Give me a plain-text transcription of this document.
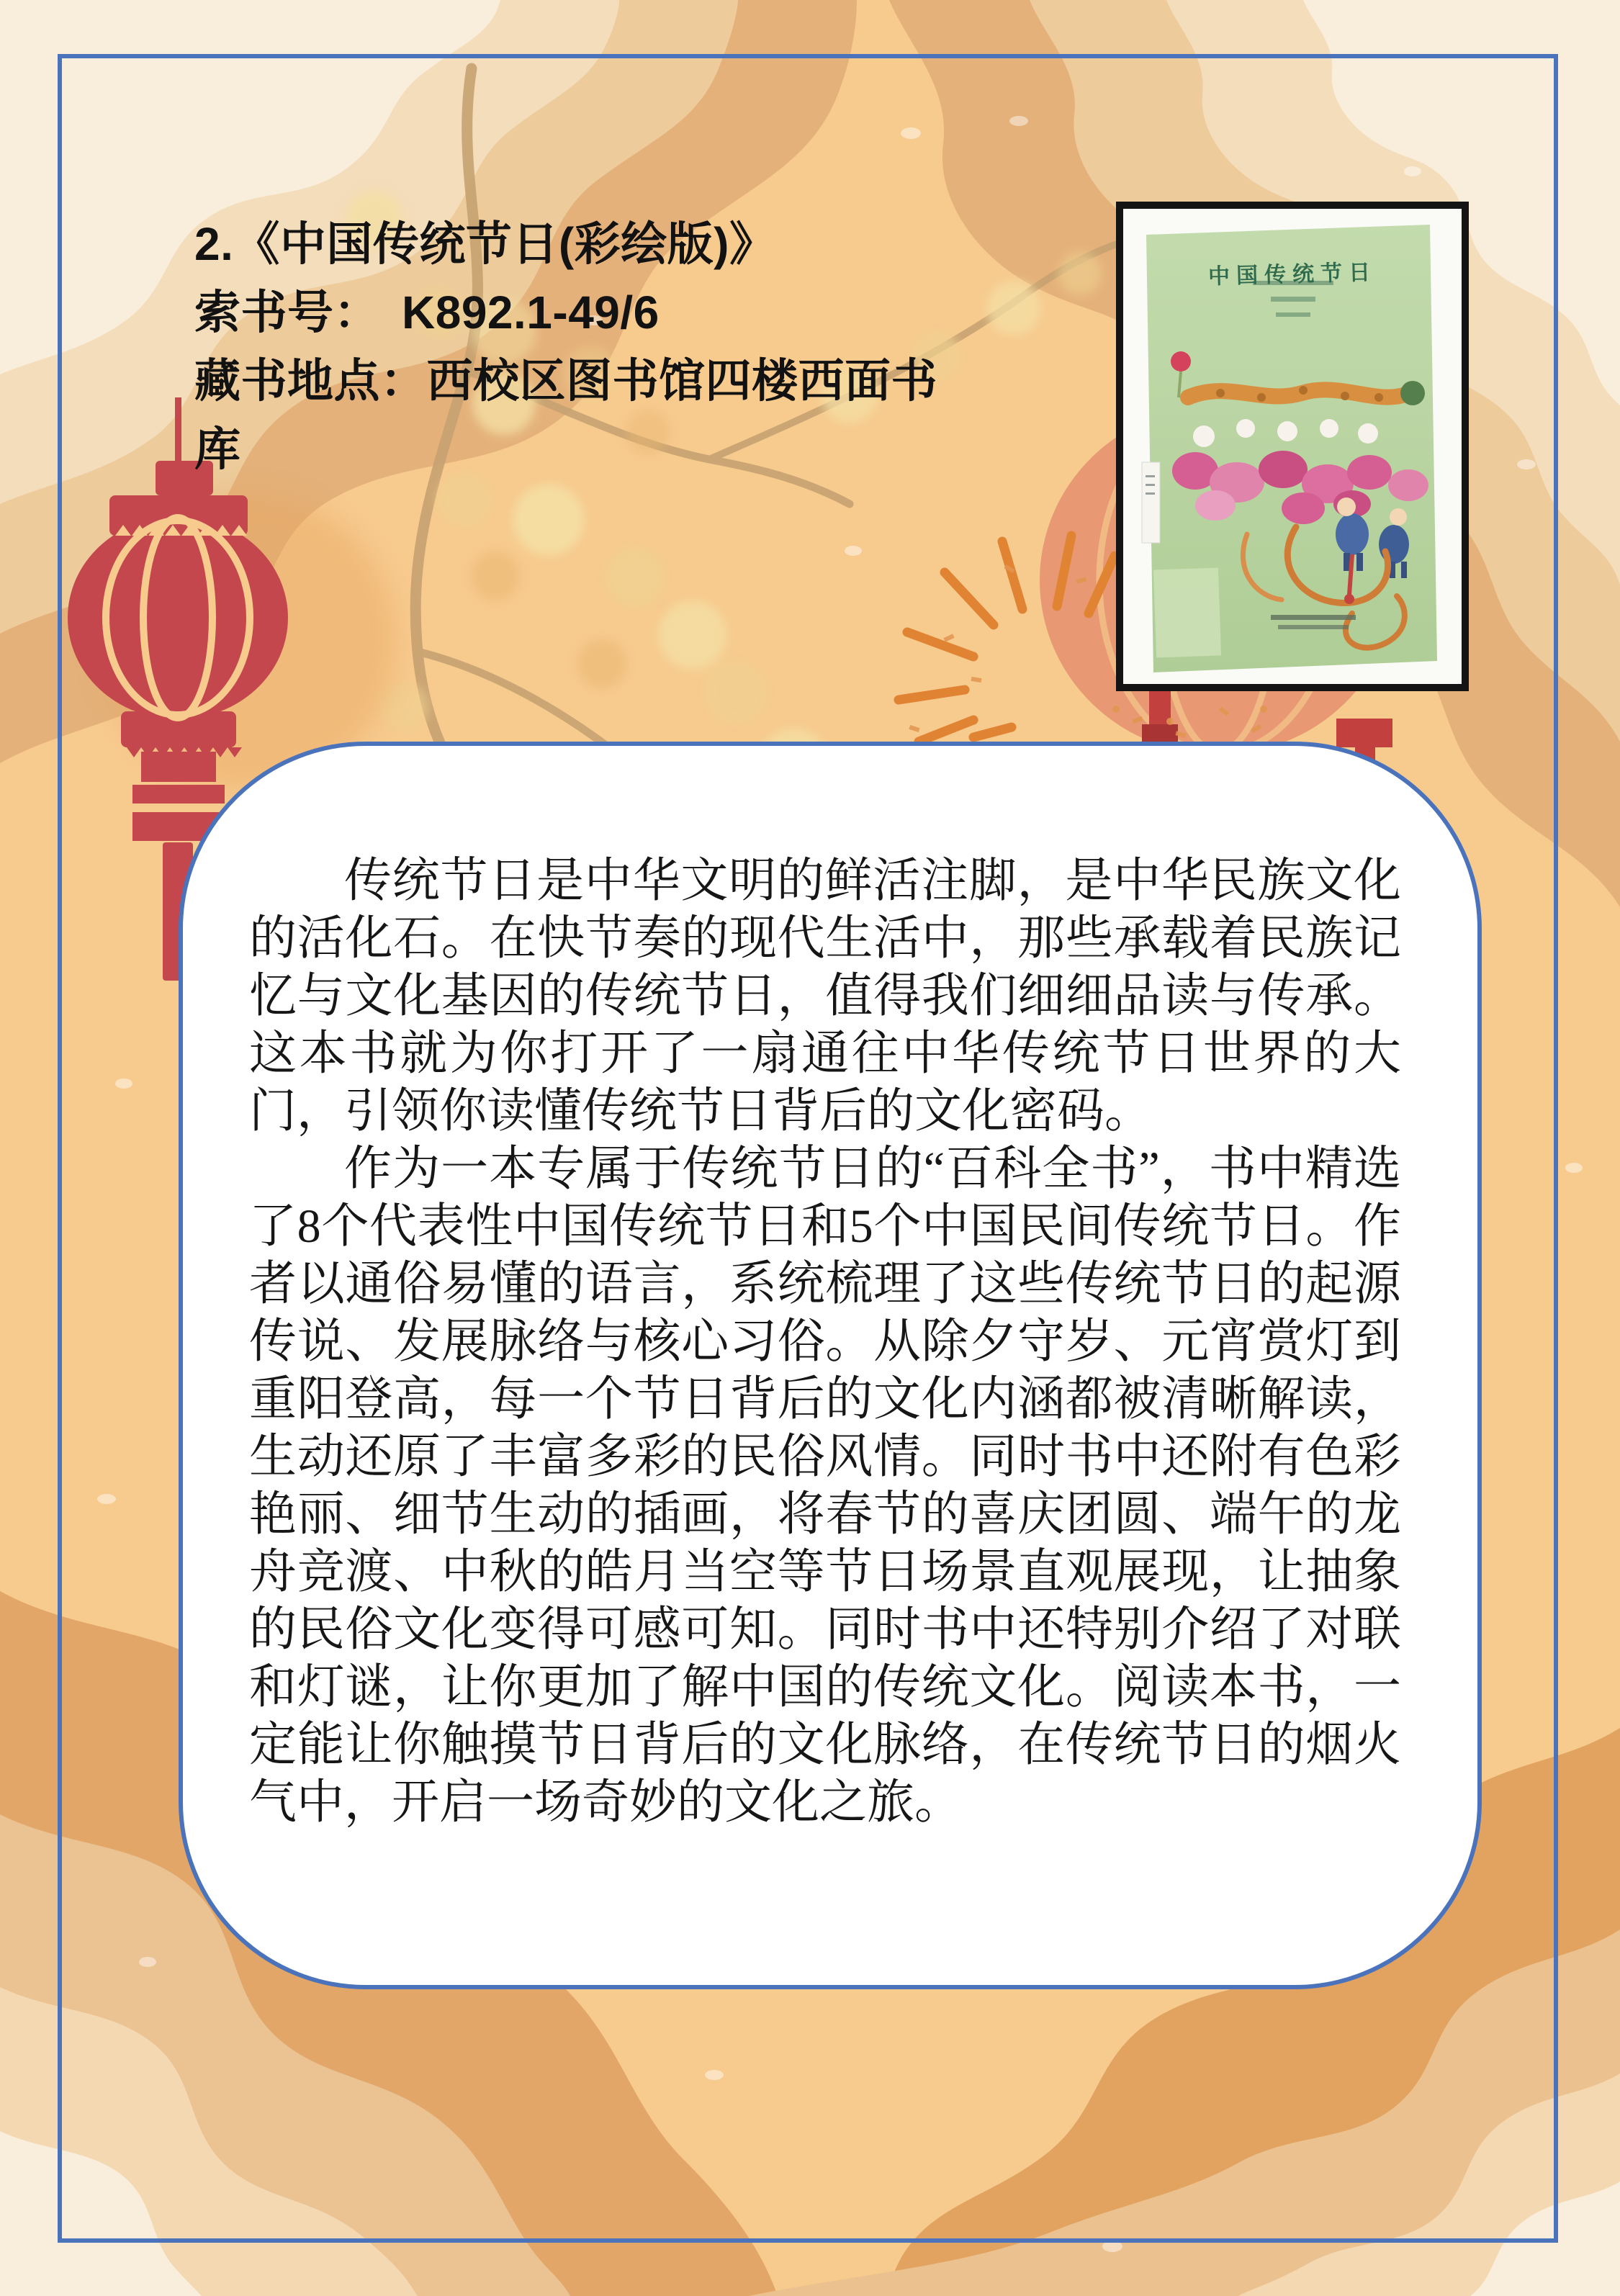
2.《中国传统节日(彩绘版)》
索书号： K892.1-49/6
藏书地点：西校区图书馆四楼西面书库
中国传统节日

传统节日是中华文明的鲜活注脚，是中华民族文化的活化石。在快节奏的现代生活中，那些承载着民族记忆与文化基因的传统节日，值得我们细细品读与传承。这本书就为你打开了一扇通往中华传统节日世界的大门，引领你读懂传统节日背后的文化密码。

作为一本专属于传统节日的“百科全书”，书中精选了8个代表性中国传统节日和5个中国民间传统节日。作者以通俗易懂的语言，系统梳理了这些传统节日的起源传说、发展脉络与核心习俗。从除夕守岁、元宵赏灯到重阳登高，每一个节日背后的文化内涵都被清晰解读，生动还原了丰富多彩的民俗风情。同时书中还附有色彩艳丽、细节生动的插画，将春节的喜庆团圆、端午的龙舟竞渡、中秋的皓月当空等节日场景直观展现，让抽象的民俗文化变得可感可知。同时书中还特别介绍了对联和灯谜，让你更加了解中国的传统文化。阅读本书，一定能让你触摸节日背后的文化脉络，在传统节日的烟火气中，开启一场奇妙的文化之旅。
